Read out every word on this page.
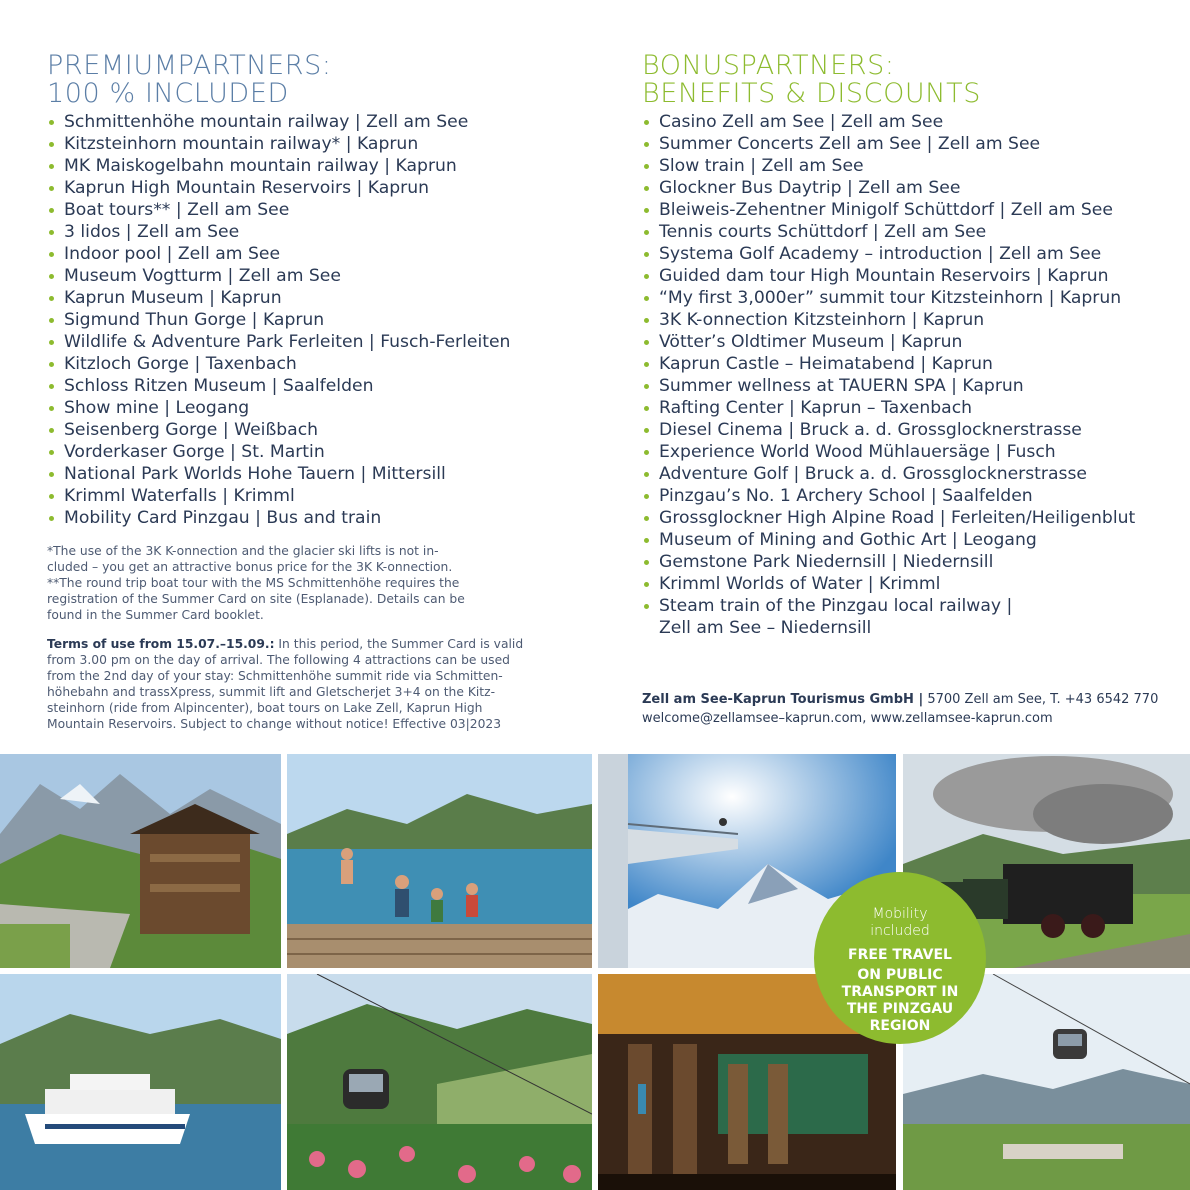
PREMIUMPARTNERS:
100 % INCLUDED
Schmittenhöhe mountain railway | Zell am See
Kitzsteinhorn mountain railway* | Kaprun
MK Maiskogelbahn mountain railway | Kaprun
Kaprun High Mountain Reservoirs | Kaprun
Boat tours** | Zell am See
3 lidos | Zell am See
Indoor pool | Zell am See
Museum Vogtturm | Zell am See
Kaprun Museum | Kaprun
Sigmund Thun Gorge | Kaprun
Wildlife & Adventure Park Ferleiten | Fusch-Ferleiten
Kitzloch Gorge | Taxenbach
Schloss Ritzen Museum | Saalfelden
Show mine | Leogang
Seisenberg Gorge | Weißbach
Vorderkaser Gorge | St. Martin
National Park Worlds Hohe Tauern | Mittersill
Krimml Waterfalls | Krimml
Mobility Card Pinzgau | Bus and train
*The use of the 3K K-onnection and the glacier ski lifts is not in-
cluded – you get an attractive bonus price for the 3K K-onnection.
**The round trip boat tour with the MS Schmittenhöhe requires the
registration of the Summer Card on site (Esplanade). Details can be
found in the Summer Card booklet.
Terms of use from 15.07.–15.09.: In this period, the Summer Card is valid
from 3.00 pm on the day of arrival. The following 4 attractions can be used
from the 2nd day of your stay: Schmittenhöhe summit ride via Schmitten-
höhebahn and trassXpress, summit lift and Gletscherjet 3+4 on the Kitz-
steinhorn (ride from Alpincenter), boat tours on Lake Zell, Kaprun High
Mountain Reservoirs. Subject to change without notice! Effective 03|2023
BONUSPARTNERS:
BENEFITS & DISCOUNTS
Casino Zell am See | Zell am See
Summer Concerts Zell am See | Zell am See
Slow train | Zell am See
Glockner Bus Daytrip | Zell am See
Bleiweis-Zehentner Minigolf Schüttdorf | Zell am See
Tennis courts Schüttdorf | Zell am See
Systema Golf Academy – introduction | Zell am See
Guided dam tour High Mountain Reservoirs | Kaprun
“My first 3,000er” summit tour Kitzsteinhorn | Kaprun
3K K-onnection Kitzsteinhorn | Kaprun
Vötter’s Oldtimer Museum | Kaprun
Kaprun Castle – Heimatabend | Kaprun
Summer wellness at TAUERN SPA | Kaprun
Rafting Center | Kaprun – Taxenbach
Diesel Cinema | Bruck a. d. Grossglocknerstrasse
Experience World Wood Mühlauersäge | Fusch
Adventure Golf | Bruck a. d. Grossglocknerstrasse
Pinzgau’s No. 1 Archery School | Saalfelden
Grossglockner High Alpine Road | Ferleiten/Heiligenblut
Museum of Mining and Gothic Art | Leogang
Gemstone Park Niedernsill | Niedernsill
Krimml Worlds of Water | Krimml
Steam train of the Pinzgau local railway |
Zell am See – Niedernsill
Zell am See-Kaprun Tourismus GmbH | 5700 Zell am See, T. +43 6542 770
welcome@zellamsee–kaprun.com, www.zellamsee-kaprun.com
Mobility
included
FREE TRAVEL
ON PUBLIC
TRANSPORT IN
THE PINZGAU
REGION
